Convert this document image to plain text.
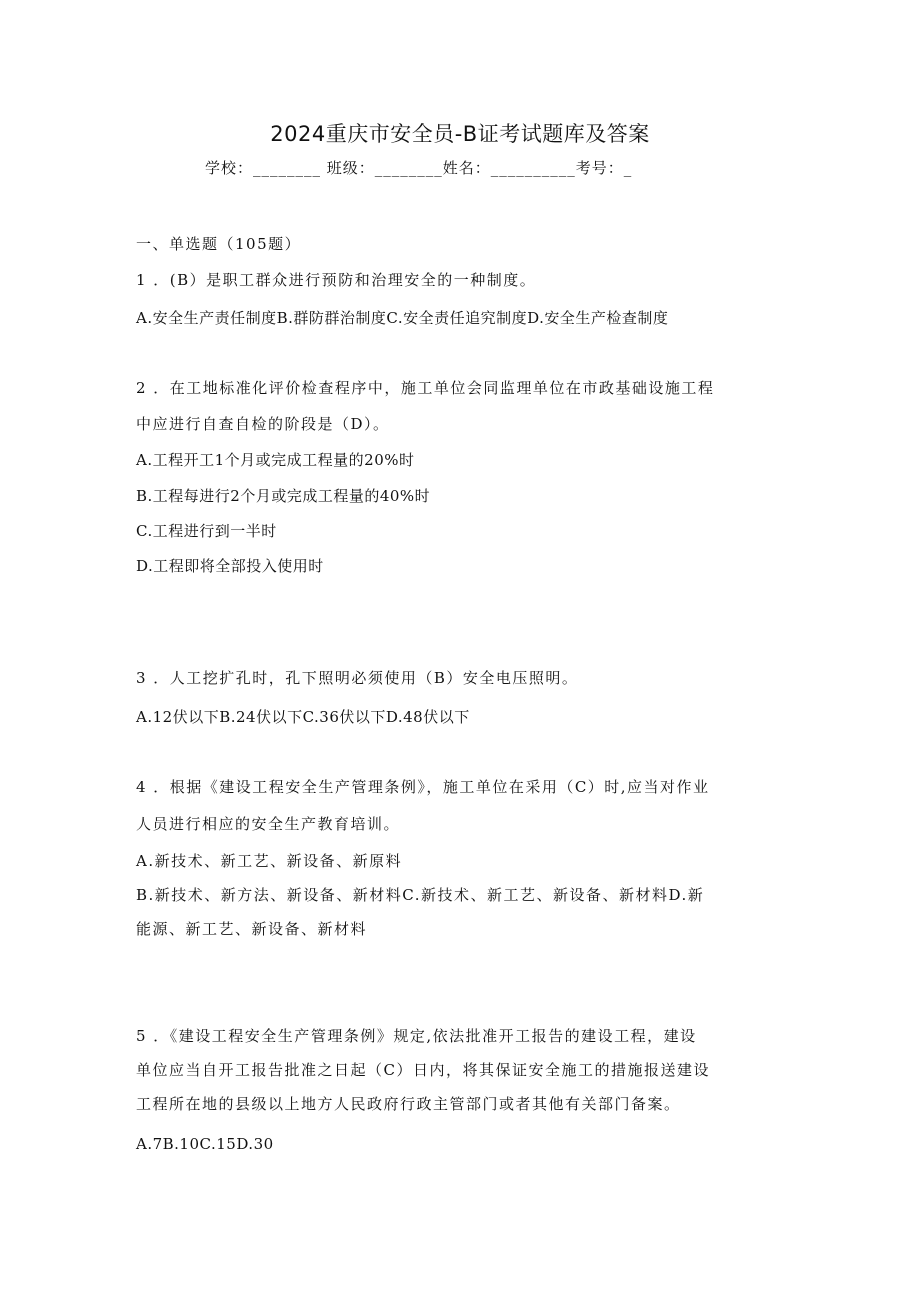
2024重庆市安全员-B证考试题库及答案
学校：________ 班级：________姓名：__________考号：_
一、单选题（105题）
1 ．(B）是职工群众进行预防和治理安全的一种制度。
A.安全生产责任制度B.群防群治制度C.安全责任追究制度D.安全生产检查制度
2 ．在工地标准化评价检查程序中，施工单位会同监理单位在市政基础设施工程
中应进行自查自检的阶段是（D）。
A.工程开工1个月或完成工程量的20%时
B.工程每进行2个月或完成工程量的40%时
C.工程进行到一半时
D.工程即将全部投入使用时
3 ．人工挖扩孔时，孔下照明必须使用（B）安全电压照明。
A.12伏以下B.24伏以下C.36伏以下D.48伏以下
4 ．根据《建设工程安全生产管理条例》，施工单位在采用（C）时,应当对作业
人员进行相应的安全生产教育培训。
A.新技术、新工艺、新设备、新原料
B.新技术、新方法、新设备、新材料C.新技术、新工艺、新设备、新材料D.新
能源、新工艺、新设备、新材料
5 ．《建设工程安全生产管理条例》规定,依法批准开工报告的建设工程，建设
单位应当自开工报告批准之日起（C）日内，将其保证安全施工的措施报送建设
工程所在地的县级以上地方人民政府行政主管部门或者其他有关部门备案。
A.7B.10C.15D.30
